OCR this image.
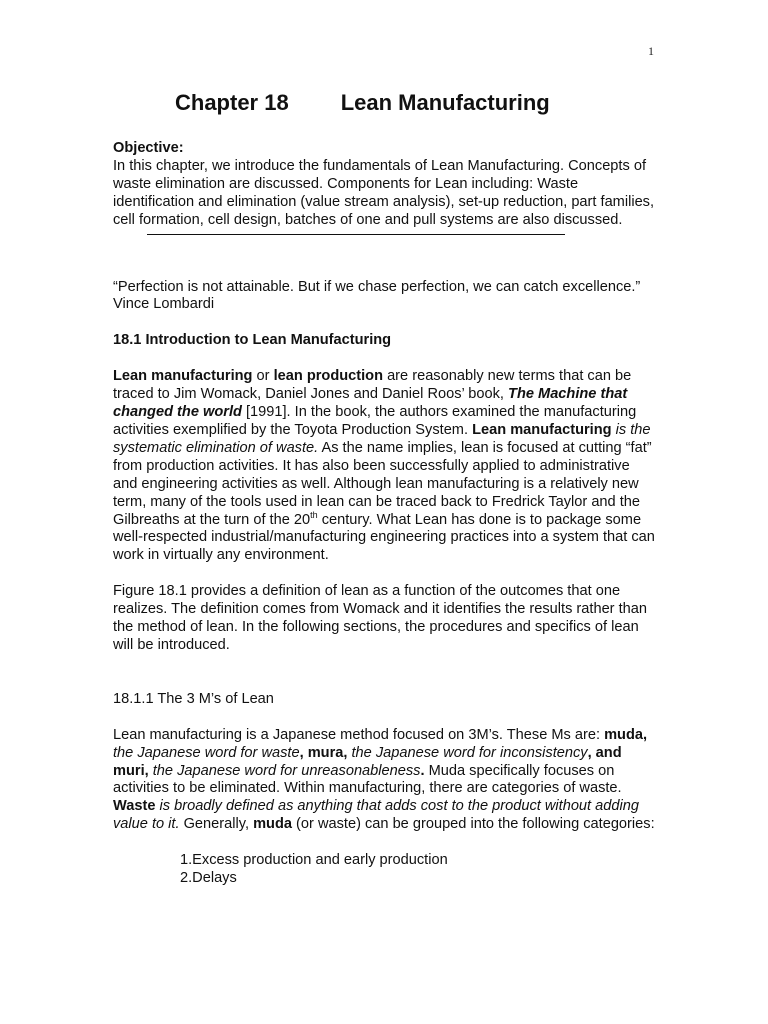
1
Chapter 18 Lean Manufacturing

Objective:

In this chapter, we introduce the fundamentals of Lean Manufacturing. Concepts of waste elimination are discussed. Components for Lean including: Waste identification and elimination (value stream analysis), set-up reduction, part families, cell formation, cell design, batches of one and pull systems are also discussed.

“Perfection is not attainable. But if we chase perfection, we can catch excellence.” Vince Lombardi

18.1 Introduction to Lean Manufacturing

Lean manufacturing or lean production are reasonably new terms that can be traced to Jim Womack, Daniel Jones and Daniel Roos’ book, The Machine that changed the world [1991]. In the book, the authors examined the manufacturing activities exemplified by the Toyota Production System. Lean manufacturing is the systematic elimination of waste. As the name implies, lean is focused at cutting “fat” from production activities. It has also been successfully applied to administrative and engineering activities as well. Although lean manufacturing is a relatively new term, many of the tools used in lean can be traced back to Fredrick Taylor and the Gilbreaths at the turn of the 20th century. What Lean has done is to package some well-respected industrial/manufacturing engineering practices into a system that can work in virtually any environment.

Figure 18.1 provides a definition of lean as a function of the outcomes that one realizes. The definition comes from Womack and it identifies the results rather than the method of lean. In the following sections, the procedures and specifics of lean will be introduced.

18.1.1 The 3 M’s of Lean

Lean manufacturing is a Japanese method focused on 3M’s. These Ms are: muda, the Japanese word for waste, mura, the Japanese word for inconsistency, and muri, the Japanese word for unreasonableness. Muda specifically focuses on activities to be eliminated. Within manufacturing, there are categories of waste. Waste is broadly defined as anything that adds cost to the product without adding value to it. Generally, muda (or waste) can be grouped into the following categories:

1.Excess production and early production

2.Delays
